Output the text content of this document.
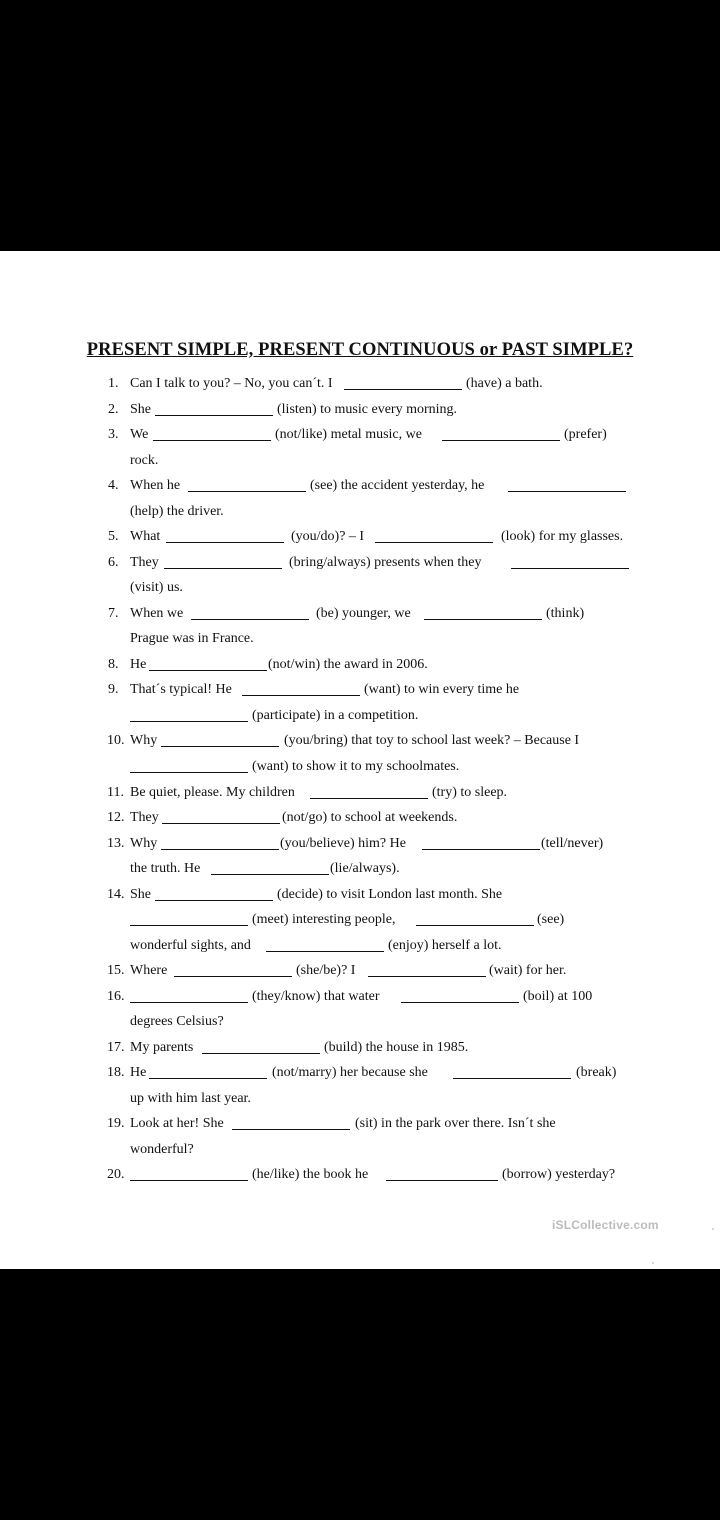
PRESENT SIMPLE, PRESENT CONTINUOUS or PAST SIMPLE?
1. Can I talk to you? – No, you can´t. I	(have) a bath.
2. She	(listen) to music every morning.
3. We	(not/like) metal music, we	(prefer)
rock.
4. When he	(see) the accident yesterday, he
(help) the driver.
5. What	(you/do)? – I	(look) for my glasses.
6. They	(bring/always) presents when they
(visit) us.
7. When we	(be) younger, we	(think)
Prague was in France.
8. He	(not/win) the award in 2006.
9. That´s typical! He	(want) to win every time he
(participate) in a competition.
10. Why	(you/bring) that toy to school last week? – Because I
(want) to show it to my schoolmates.
11. Be quiet, please. My children	(try) to sleep.
12. They	(not/go) to school at weekends.
13. Why	(you/believe) him? He	(tell/never)
the truth. He	(lie/always).
14. She	(decide) to visit London last month. She
(meet) interesting people,	(see)
wonderful sights, and	(enjoy) herself a lot.
15. Where	(she/be)? I	(wait) for her.
16.	(they/know) that water	(boil) at 100
degrees Celsius?
17. My parents	(build) the house in 1985.
18. He	(not/marry) her because she	(break)
up with him last year.
19. Look at her! She	(sit) in the park over there. Isn´t she
wonderful?
20.	(he/like) the book he	(borrow) yesterday?
iSLCollective.com
